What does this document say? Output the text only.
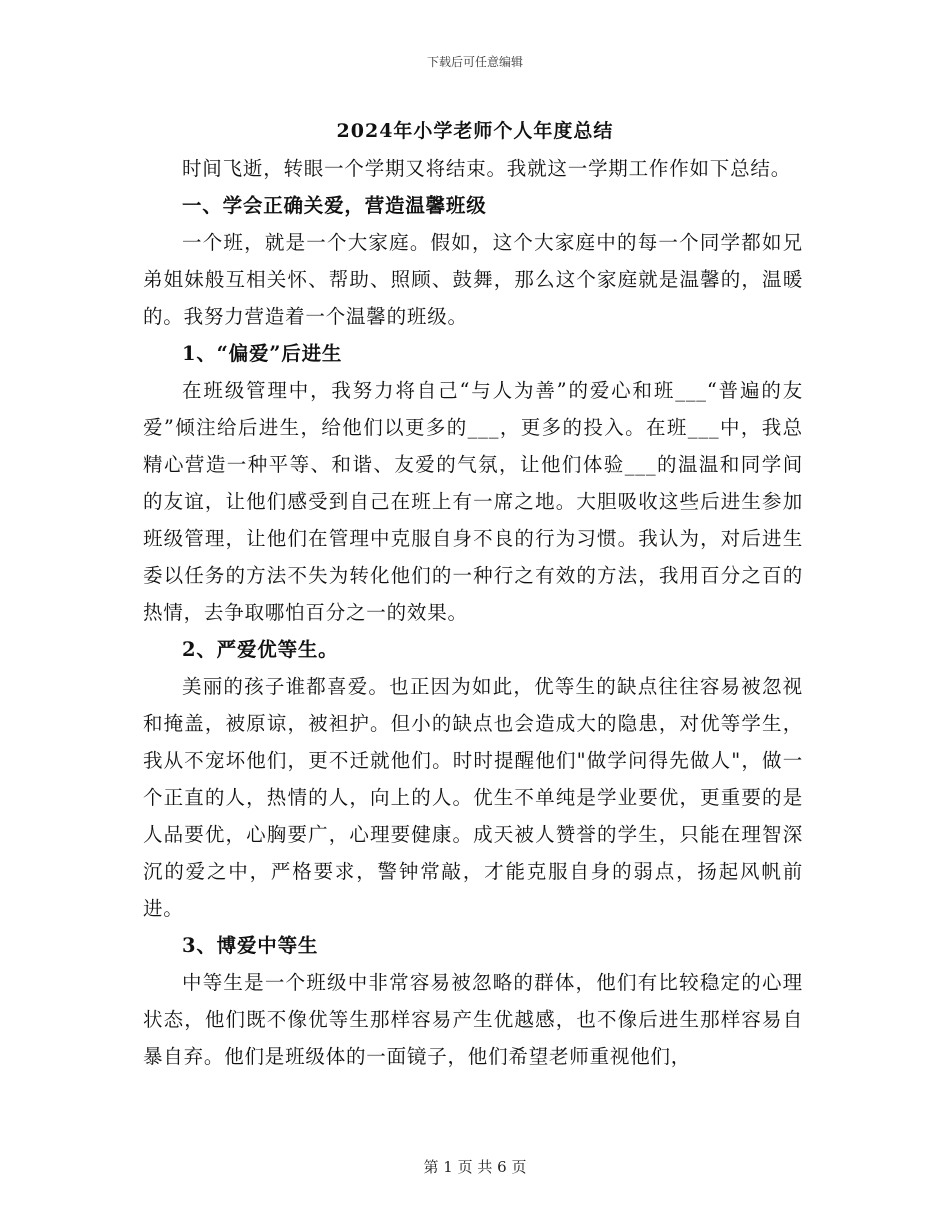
下载后可任意编辑
2024年小学老师个人年度总结

时间飞逝，转眼一个学期又将结束。我就这一学期工作作如下总结。

一、学会正确关爱，营造温馨班级

一个班，就是一个大家庭。假如，这个大家庭中的每一个同学都如兄弟姐妹般互相关怀、帮助、照顾、鼓舞，那么这个家庭就是温馨的，温暖的。我努力营造着一个温馨的班级。

1、“偏爱”后进生

在班级管理中，我努力将自己“与人为善”的爱心和班___“普遍的友爱”倾注给后进生，给他们以更多的___，更多的投入。在班___中，我总精心营造一种平等、和谐、友爱的气氛，让他们体验___的温温和同学间的友谊，让他们感受到自己在班上有一席之地。大胆吸收这些后进生参加班级管理，让他们在管理中克服自身不良的行为习惯。我认为，对后进生委以任务的方法不失为转化他们的一种行之有效的方法，我用百分之百的热情，去争取哪怕百分之一的效果。

2、严爱优等生。

美丽的孩子谁都喜爱。也正因为如此，优等生的缺点往往容易被忽视和掩盖，被原谅，被袒护。但小的缺点也会造成大的隐患，对优等学生，我从不宠坏他们，更不迁就他们。时时提醒他们"做学问得先做人"，做一个正直的人，热情的人，向上的人。优生不单纯是学业要优，更重要的是人品要优，心胸要广，心理要健康。成天被人赞誉的学生，只能在理智深沉的爱之中，严格要求，警钟常敲，才能克服自身的弱点，扬起风帆前进。

3、博爱中等生

中等生是一个班级中非常容易被忽略的群体，他们有比较稳定的心理状态，他们既不像优等生那样容易产生优越感，也不像后进生那样容易自暴自弃。他们是班级体的一面镜子，他们希望老师重视他们，

第 1 页 共 6 页
